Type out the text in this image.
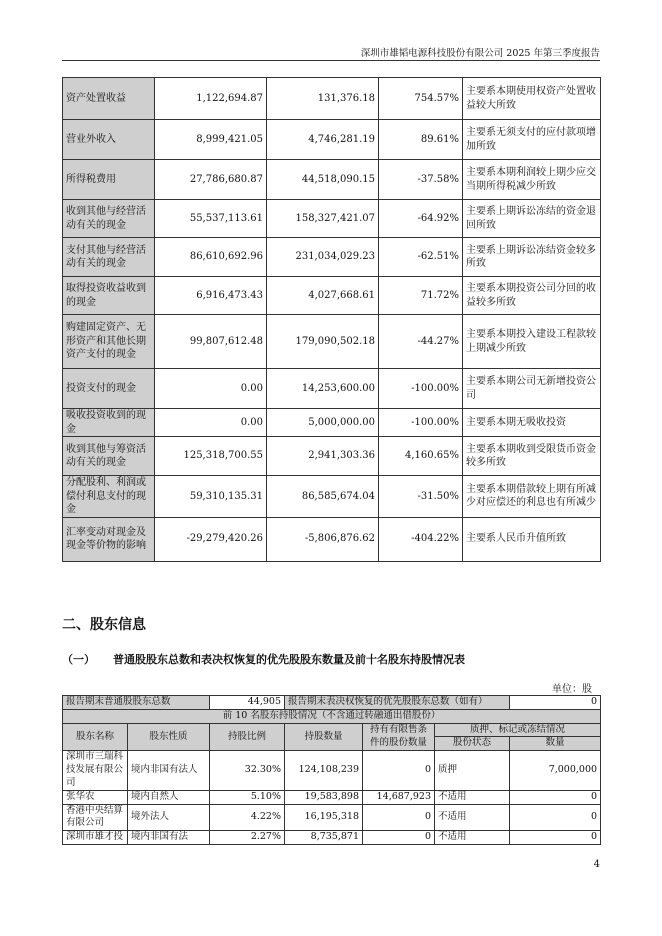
深圳市雄韬电源科技股份有限公司 2025 年第三季度报告
资产处置收益	1,122,694.87	131,376.18	754.57%	主要系本期使用权资产处置收益较大所致
营业外收入	8,999,421.05	4,746,281.19	89.61%	主要系无须支付的应付款项增加所致
所得税费用	27,786,680.87	44,518,090.15	-37.58%	主要系本期利润较上期少应交当期所得税减少所致
收到其他与经营活动有关的现金	55,537,113.61	158,327,421.07	-64.92%	主要系上期诉讼冻结的资金退回所致
支付其他与经营活动有关的现金	86,610,692.96	231,034,029.23	-62.51%	主要系上期诉讼冻结资金较多所致
取得投资收益收到的现金	6,916,473.43	4,027,668.61	71.72%	主要系本期投资公司分回的收益较多所致
购建固定资产、无形资产和其他长期资产支付的现金	99,807,612.48	179,090,502.18	-44.27%	主要系本期投入建设工程款较上期减少所致
投资支付的现金	0.00	14,253,600.00	-100.00%	主要系本期公司无新增投资公司
吸收投资收到的现金	0.00	5,000,000.00	-100.00%	主要系本期无吸收投资
收到其他与筹资活动有关的现金	125,318,700.55	2,941,303.36	4,160.65%	主要系本期收到受限货币资金较多所致
分配股利、利润或偿付利息支付的现金	59,310,135.31	86,585,674.04	-31.50%	主要系本期借款较上期有所减少对应偿还的利息也有所减少
汇率变动对现金及现金等价物的影响	-29,279,420.26	-5,806,876.62	-404.22%	主要系人民币升值所致
二、股东信息
（一） 普通股股东总数和表决权恢复的优先股股东数量及前十名股东持股情况表
单位：股
报告期末普通股股东总数		44,905	报告期末表决权恢复的优先股股东总数（如有）			0
前 10 名股东持股情况（不含通过转融通出借股份）						
股东名称	股东性质	持股比例	持股数量	持有有限售条件的股份数量	质押、标记或冻结情况	
					股份状态	数量
深圳市三瑞科技发展有限公司	境内非国有法人	32.30%	124,108,239	0	质押	7,000,000
张华农	境内自然人	5.10%	19,583,898	14,687,923	不适用	0
香港中央结算有限公司	境外法人	4.22%	16,195,318	0	不适用	0
深圳市雄才投	境内非国有法	2.27%	8,735,871	0	不适用	0
4
